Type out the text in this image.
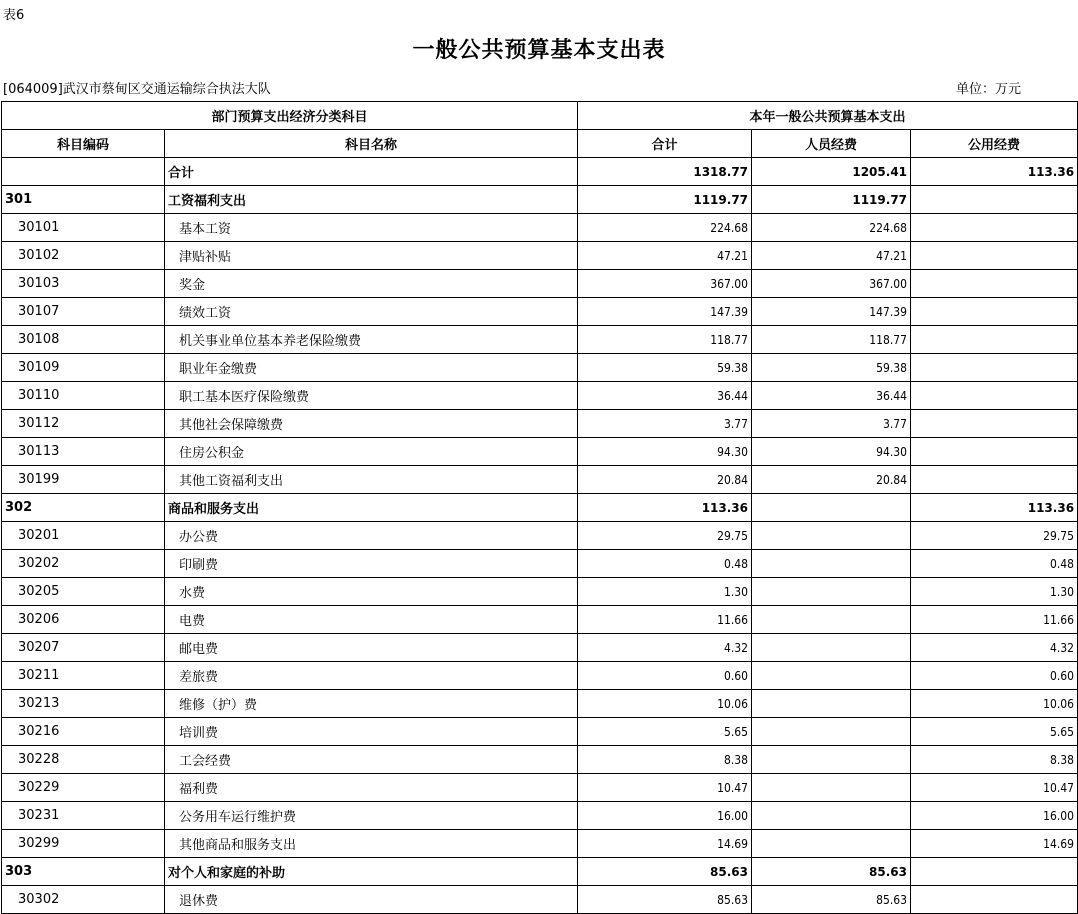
表6
一般公共预算基本支出表
[064009]武汉市蔡甸区交通运输综合执法大队	单位：万元
部门预算支出经济分类科目		本年一般公共预算基本支出		
科目编码	科目名称	合计	人员经费	公用经费
	合计	1318.77	1205.41	113.36
301	工资福利支出	1119.77	1119.77	
30101	基本工资	224.68	224.68	
30102	津贴补贴	47.21	47.21	
30103	奖金	367.00	367.00	
30107	绩效工资	147.39	147.39	
30108	机关事业单位基本养老保险缴费	118.77	118.77	
30109	职业年金缴费	59.38	59.38	
30110	职工基本医疗保险缴费	36.44	36.44	
30112	其他社会保障缴费	3.77	3.77	
30113	住房公积金	94.30	94.30	
30199	其他工资福利支出	20.84	20.84	
302	商品和服务支出	113.36		113.36
30201	办公费	29.75		29.75
30202	印刷费	0.48		0.48
30205	水费	1.30		1.30
30206	电费	11.66		11.66
30207	邮电费	4.32		4.32
30211	差旅费	0.60		0.60
30213	维修（护）费	10.06		10.06
30216	培训费	5.65		5.65
30228	工会经费	8.38		8.38
30229	福利费	10.47		10.47
30231	公务用车运行维护费	16.00		16.00
30299	其他商品和服务支出	14.69		14.69
303	对个人和家庭的补助	85.63	85.63	
30302	退休费	85.63	85.63	
